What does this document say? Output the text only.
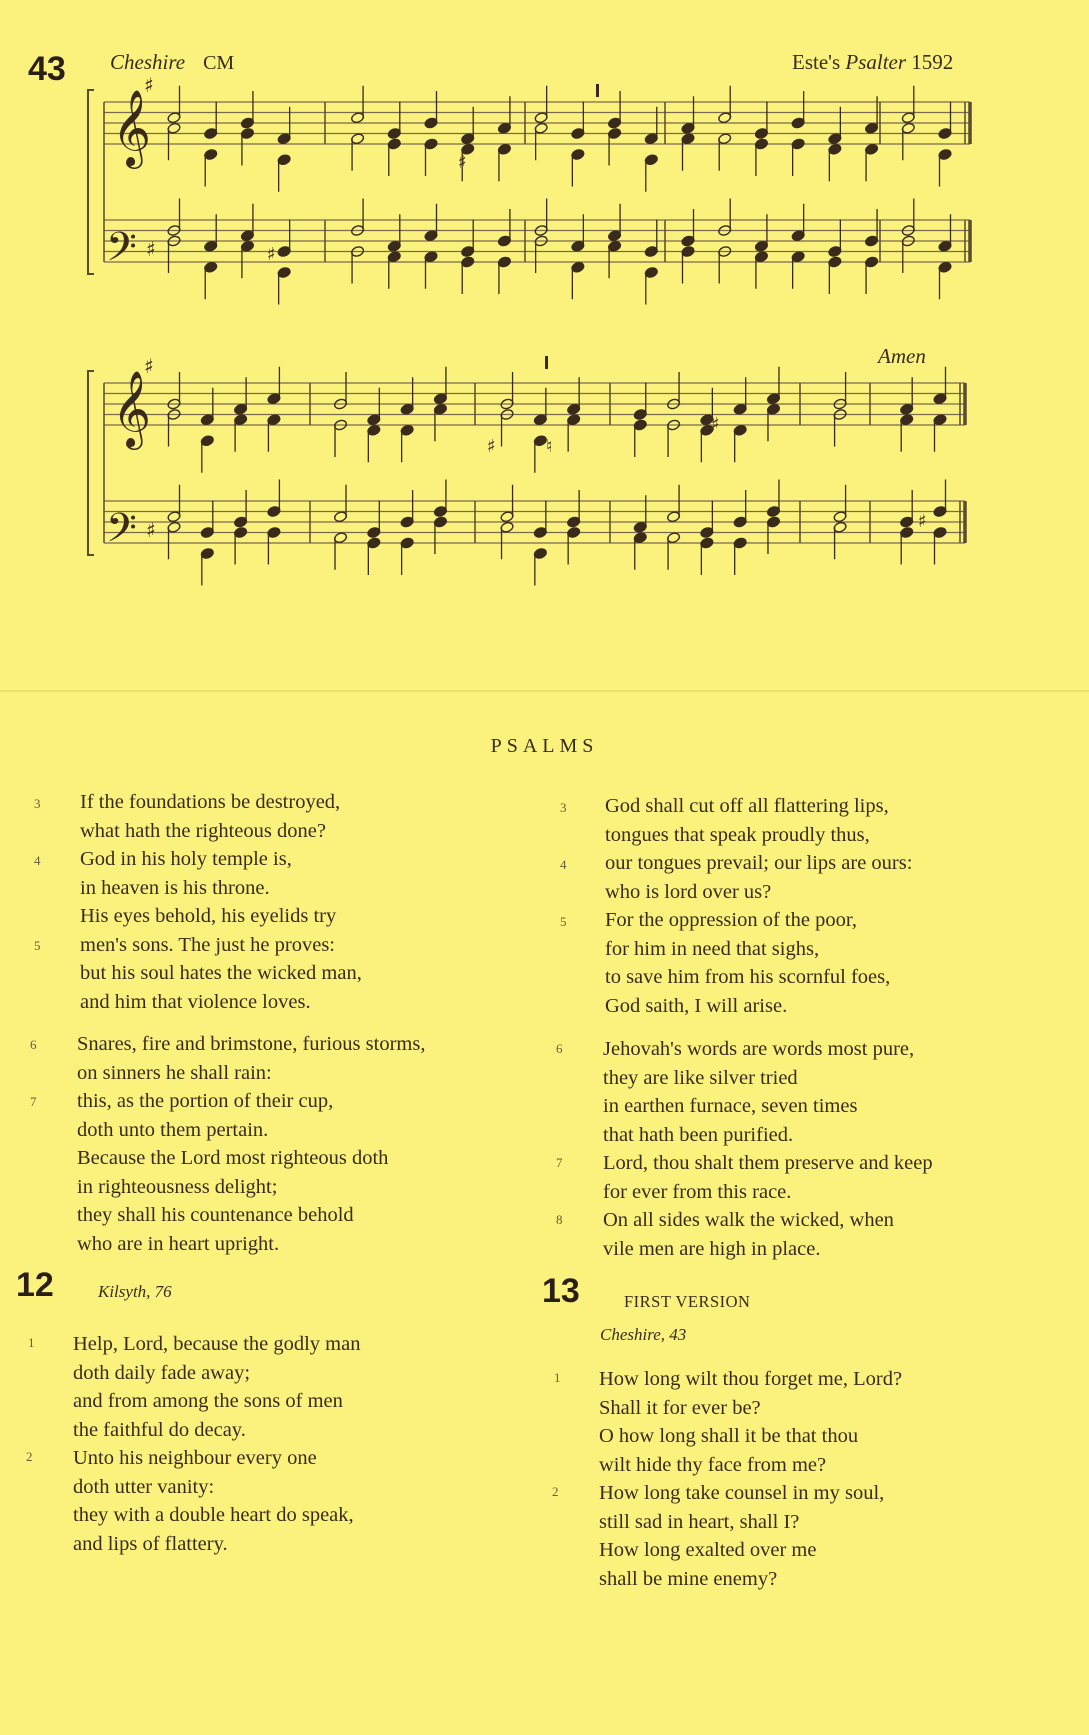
43 Cheshire CM	Este's Psalter 1592
Amen
𝄞
𝄢
𝄞
𝄢
♯
♯
♯
♯
♯
♯
♯	♮
♯
♯
PSALMS
3
4
5
If the foundations be destroyed,
what hath the righteous done?
God in his holy temple is,
in heaven is his throne.
His eyes behold, his eyelids try
men's sons. The just he proves:
but his soul hates the wicked man,
and him that violence loves.
6
7
Snares, fire and brimstone, furious storms,
on sinners he shall rain:
this, as the portion of their cup,
doth unto them pertain.
Because the Lord most righteous doth
in righteousness delight;
they shall his countenance behold
who are in heart upright.
12	Kilsyth, 76
1
2
Help, Lord, because the godly man
doth daily fade away;
and from among the sons of men
the faithful do decay.
Unto his neighbour every one
doth utter vanity:
they with a double heart do speak,
and lips of flattery.
3
4
5
God shall cut off all flattering lips,
tongues that speak proudly thus,
our tongues prevail; our lips are ours:
who is lord over us?
For the oppression of the poor,
for him in need that sighs,
to save him from his scornful foes,
God saith, I will arise.
6
7
8
Jehovah's words are words most pure,
they are like silver tried
in earthen furnace, seven times
that hath been purified.
Lord, thou shalt them preserve and keep
for ever from this race.
On all sides walk the wicked, when
vile men are high in place.
13	FIRST VERSION
Cheshire, 43
1
2
How long wilt thou forget me, Lord?
Shall it for ever be?
O how long shall it be that thou
wilt hide thy face from me?
How long take counsel in my soul,
still sad in heart, shall I?
How long exalted over me
shall be mine enemy?
